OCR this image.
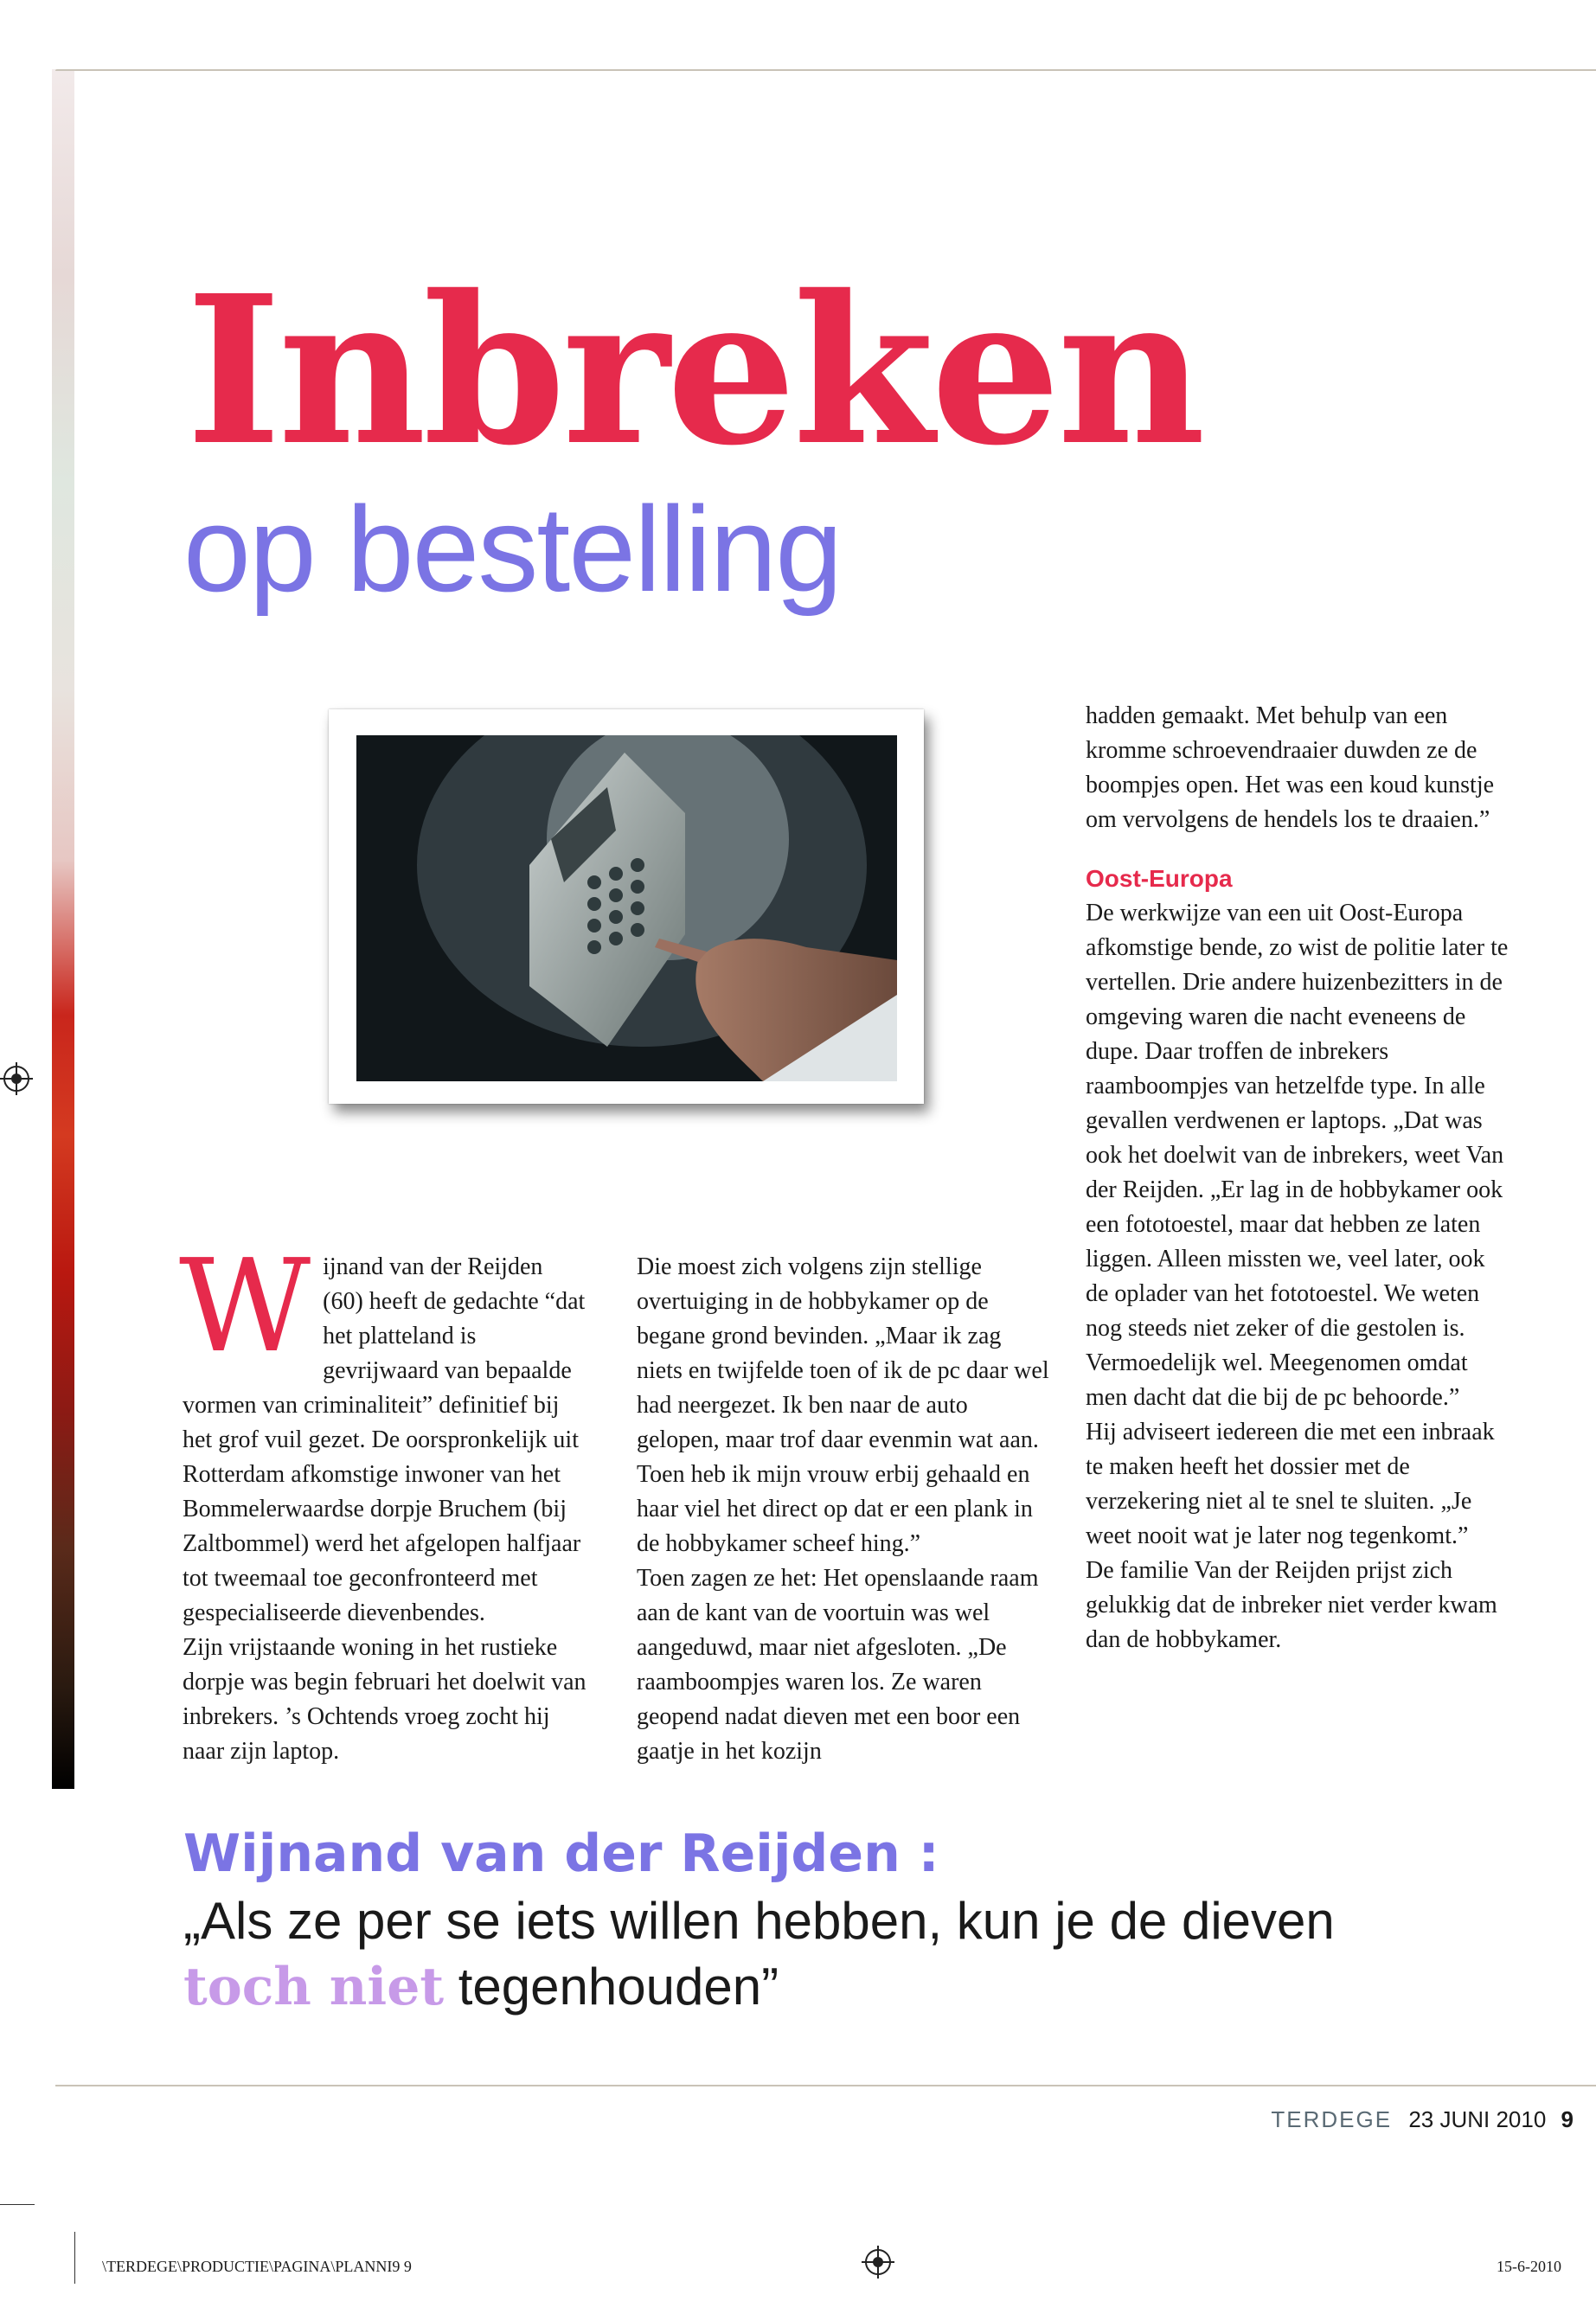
Inbreken
op bestelling
W ijnand van der Reijden (60) heeft de gedachte “dat het platteland is gevrijwaard van bepaalde vormen van criminaliteit” definitief bij het grof vuil gezet. De oorspronkelijk uit Rotterdam afkomstige inwoner van het Bommelerwaardse dorpje Bruchem (bij Zaltbommel) werd het afgelopen halfjaar tot tweemaal toe geconfronteerd met gespecialiseerde dievenbendes.

Zijn vrijstaande woning in het rustieke dorpje was begin februari het doelwit van inbrekers. ’s Ochtends vroeg zocht hij naar zijn laptop.

Die moest zich volgens zijn stellige overtuiging in de hobbykamer op de begane grond bevinden. „Maar ik zag niets en twijfelde toen of ik de pc daar wel had neergezet. Ik ben naar de auto gelopen, maar trof daar evenmin wat aan. Toen heb ik mijn vrouw erbij gehaald en haar viel het direct op dat er een plank in de hobbykamer scheef hing.”

Toen zagen ze het: Het openslaande raam aan de kant van de voortuin was wel aangeduwd, maar niet afgesloten. „De raamboompjes waren los. Ze waren geopend nadat dieven met een boor een gaatje in het kozijn

hadden gemaakt. Met behulp van een kromme schroevendraaier duwden ze de boompjes open. Het was een koud kunstje om vervolgens de hendels los te draaien.”

Oost-Europa

De werkwijze van een uit Oost-Europa afkomstige bende, zo wist de politie later te vertellen. Drie andere huizenbezitters in de omgeving waren die nacht eveneens de dupe. Daar troffen de inbrekers raamboompjes van hetzelfde type. In alle gevallen verdwenen er laptops. „Dat was ook het doelwit van de inbrekers, weet Van der Reijden. „Er lag in de hobbykamer ook een fototoestel, maar dat hebben ze laten liggen. Alleen missten we, veel later, ook de oplader van het fototoestel. We weten nog steeds niet zeker of die gestolen is. Vermoedelijk wel. Meegenomen omdat men dacht dat die bij de pc behoorde.”

Hij adviseert iedereen die met een inbraak te maken heeft het dossier met de verzekering niet al te snel te sluiten. „Je weet nooit wat je later nog tegenkomt.”

De familie Van der Reijden prijst zich gelukkig dat de inbreker niet verder kwam dan de hobbykamer.

Wijnand van der Reijden :

„Als ze per se iets willen hebben, kun je de dieven
toch niet tegenhouden”

TERDEGE 23 JUNI 2010 9
\TERDEGE\PRODUCTIE\PAGINA\PLANNI9 9	15-6-2010
